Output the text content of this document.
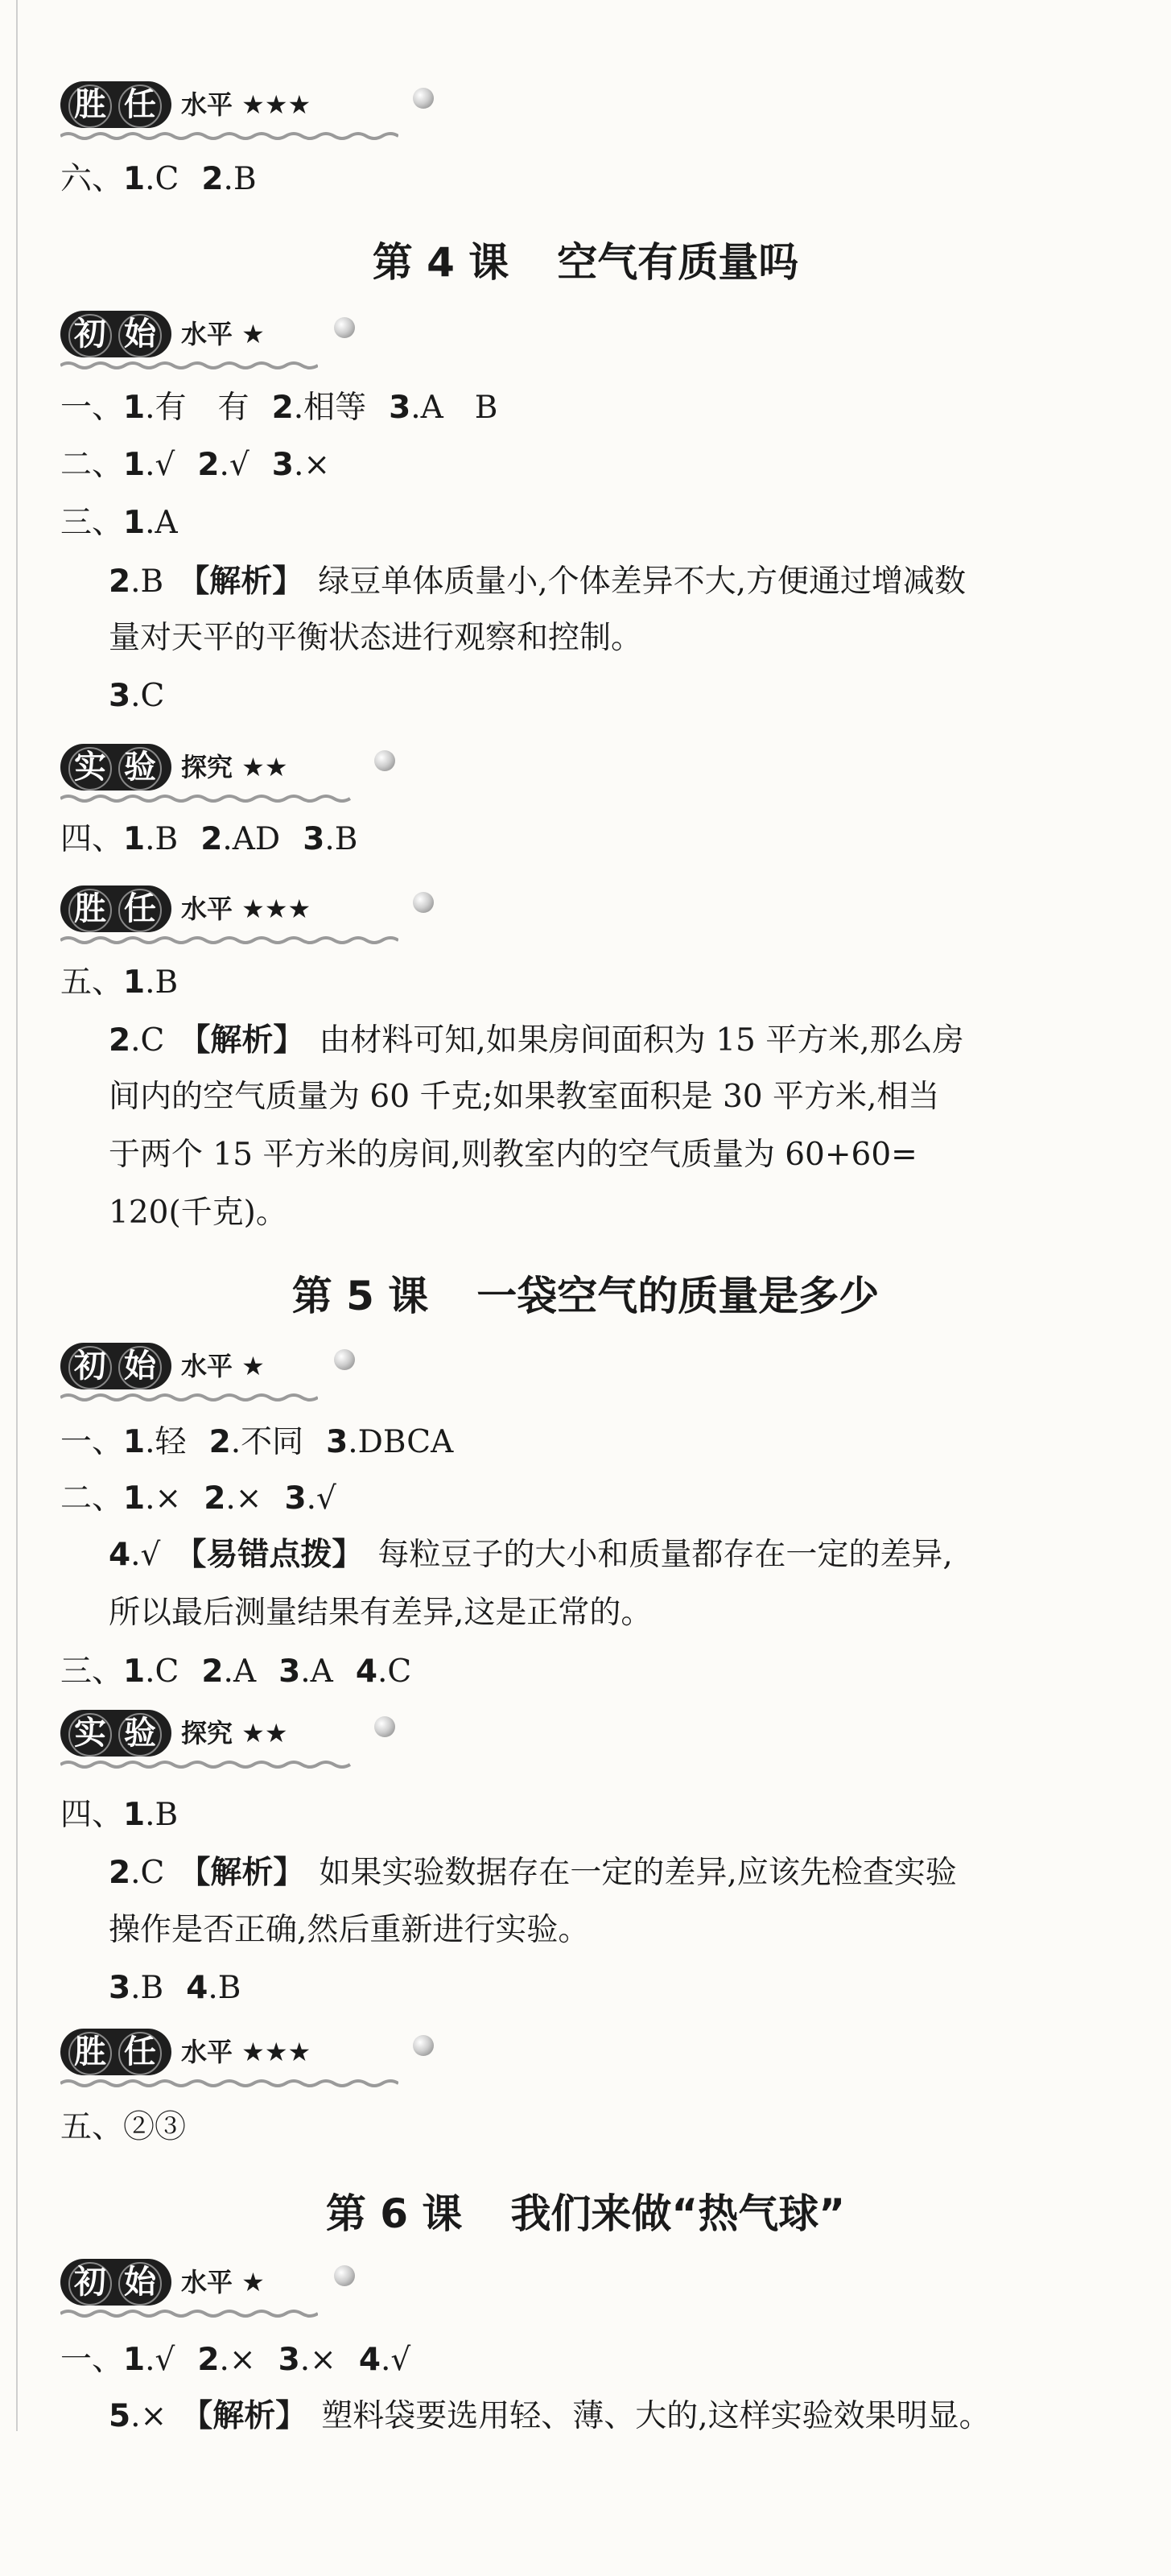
胜 任 水平 ★★★
六、1.C 2.B
第 4 课 空气有质量吗
初 始 水平 ★
一、1.有　有 2.相等 3.A　B
二、1.√ 2.√ 3.×
三、1.A
2.B 【解析】 绿豆单体质量小,个体差异不大,方便通过增减数
量对天平的平衡状态进行观察和控制。
3.C
实 验 探究 ★★
四、1.B 2.AD 3.B
胜 任 水平 ★★★
五、1.B
2.C 【解析】 由材料可知,如果房间面积为 15 平方米,那么房
间内的空气质量为 60 千克;如果教室面积是 30 平方米,相当
于两个 15 平方米的房间,则教室内的空气质量为 60+60=
120(千克)。
第 5 课 一袋空气的质量是多少
初 始 水平 ★
一、1.轻 2.不同 3.DBCA
二、1.× 2.× 3.√
4.√ 【易错点拨】 每粒豆子的大小和质量都存在一定的差异,
所以最后测量结果有差异,这是正常的。
三、1.C 2.A 3.A 4.C
实 验 探究 ★★
四、1.B
2.C 【解析】 如果实验数据存在一定的差异,应该先检查实验
操作是否正确,然后重新进行实验。
3.B 4.B
胜 任 水平 ★★★
五、②③
第 6 课 我们来做“热气球”
初 始 水平 ★
一、1.√ 2.× 3.× 4.√
5.× 【解析】 塑料袋要选用轻、薄、大的,这样实验效果明显。
